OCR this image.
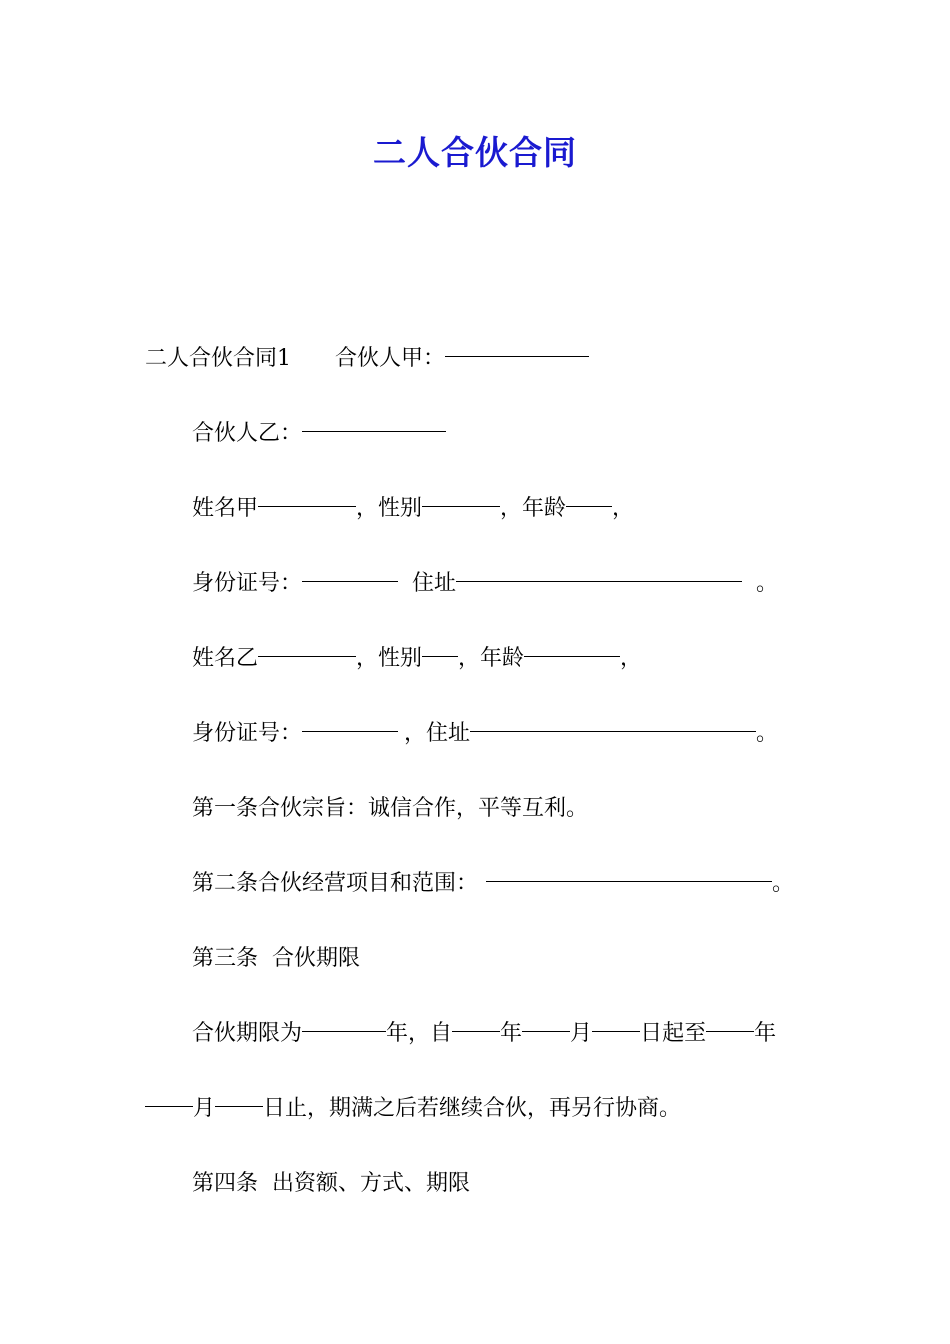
二人合伙合同
二人合伙合同1 合伙人甲：
合伙人乙：
姓名甲	，性别	，年龄 ，
身份证号：	住址	。
姓名乙	，性别 ，年龄	，
身份证号：	，住址	。
第一条合伙宗旨：诚信合作，平等互利。
第二条合伙经营项目和范围：	。
第三条  合伙期限
合伙期限为	年，自 年 月 日起至 年
月 日止，期满之后若继续合伙，再另行协商。
第四条  出资额、方式、期限
